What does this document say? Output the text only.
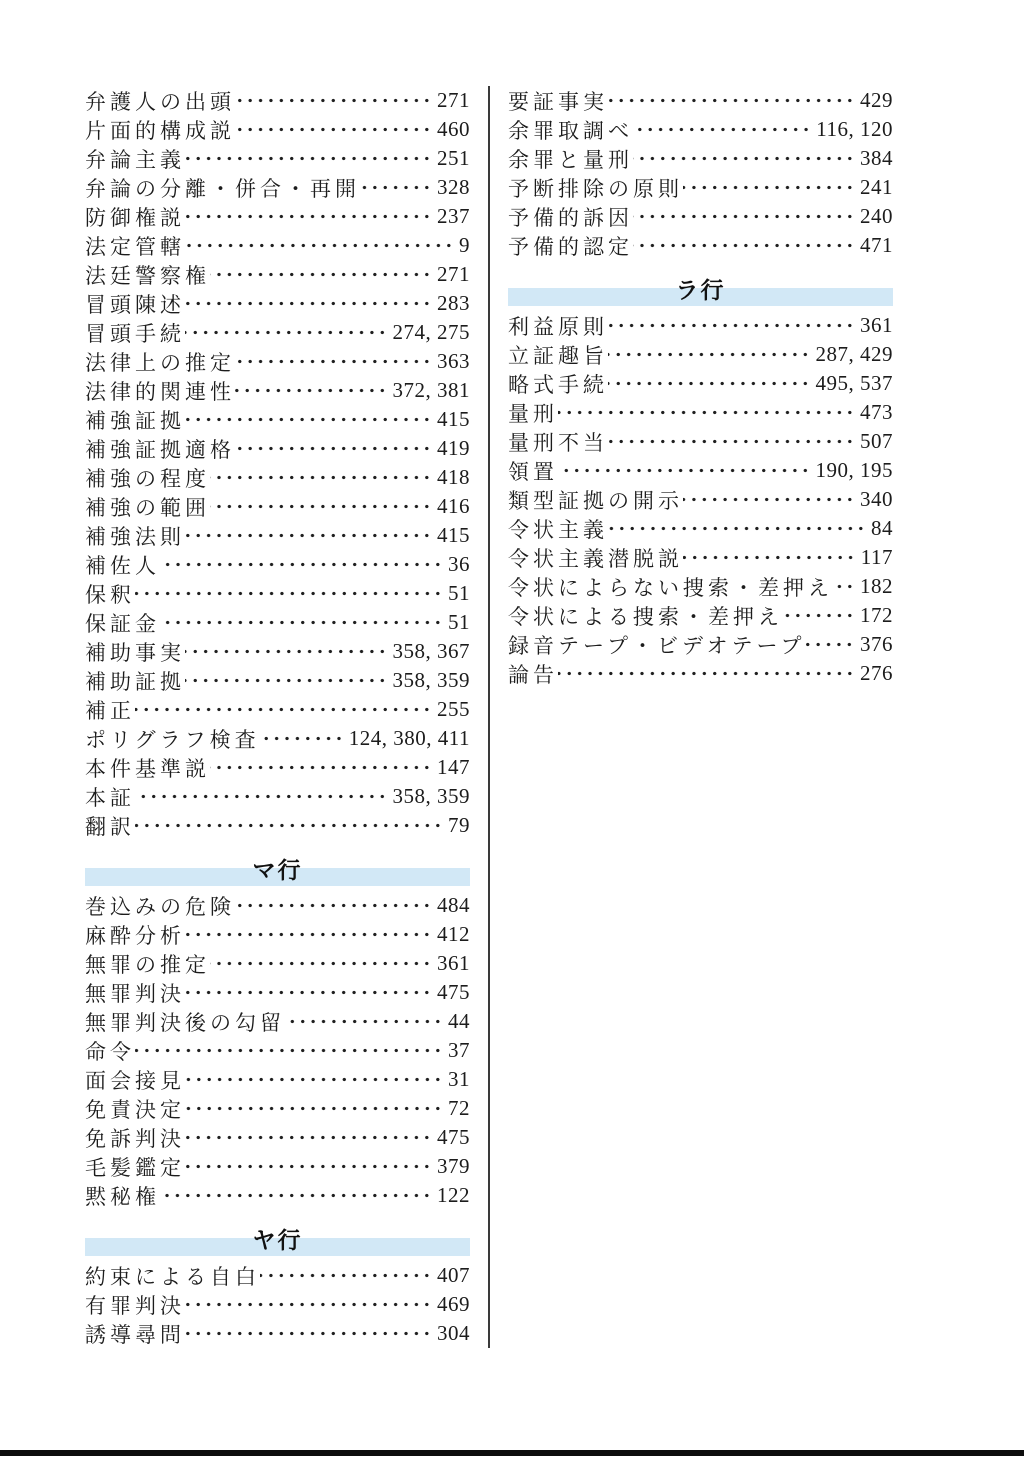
弁護人の出頭	271
片面的構成説	460
弁論主義	251
弁論の分離・併合・再開	328
防御権説	237
法定管轄	9
法廷警察権	271
冒頭陳述	283
冒頭手続	274, 275
法律上の推定	363
法律的関連性	372, 381
補強証拠	415
補強証拠適格	419
補強の程度	418
補強の範囲	416
補強法則	415
補佐人	36
保釈	51
保証金	51
補助事実	358, 367
補助証拠	358, 359
補正	255
ポリグラフ検査	124, 380, 411
本件基準説	147
本証	358, 359
翻訳	79
マ行
巻込みの危険	484
麻酔分析	412
無罪の推定	361
無罪判決	475
無罪判決後の勾留	44
命令	37
面会接見	31
免責決定	72
免訴判決	475
毛髪鑑定	379
黙秘権	122
ヤ行
約束による自白	407
有罪判決	469
誘導尋問	304
要証事実	429
余罪取調べ	116, 120
余罪と量刑	384
予断排除の原則	241
予備的訴因	240
予備的認定	471
ラ行
利益原則	361
立証趣旨	287, 429
略式手続	495, 537
量刑	473
量刑不当	507
領置	190, 195
類型証拠の開示	340
令状主義	84
令状主義潜脱説	117
令状によらない捜索・差押え 182
令状による捜索・差押え	172
録音テープ・ビデオテープ	376
論告	276
